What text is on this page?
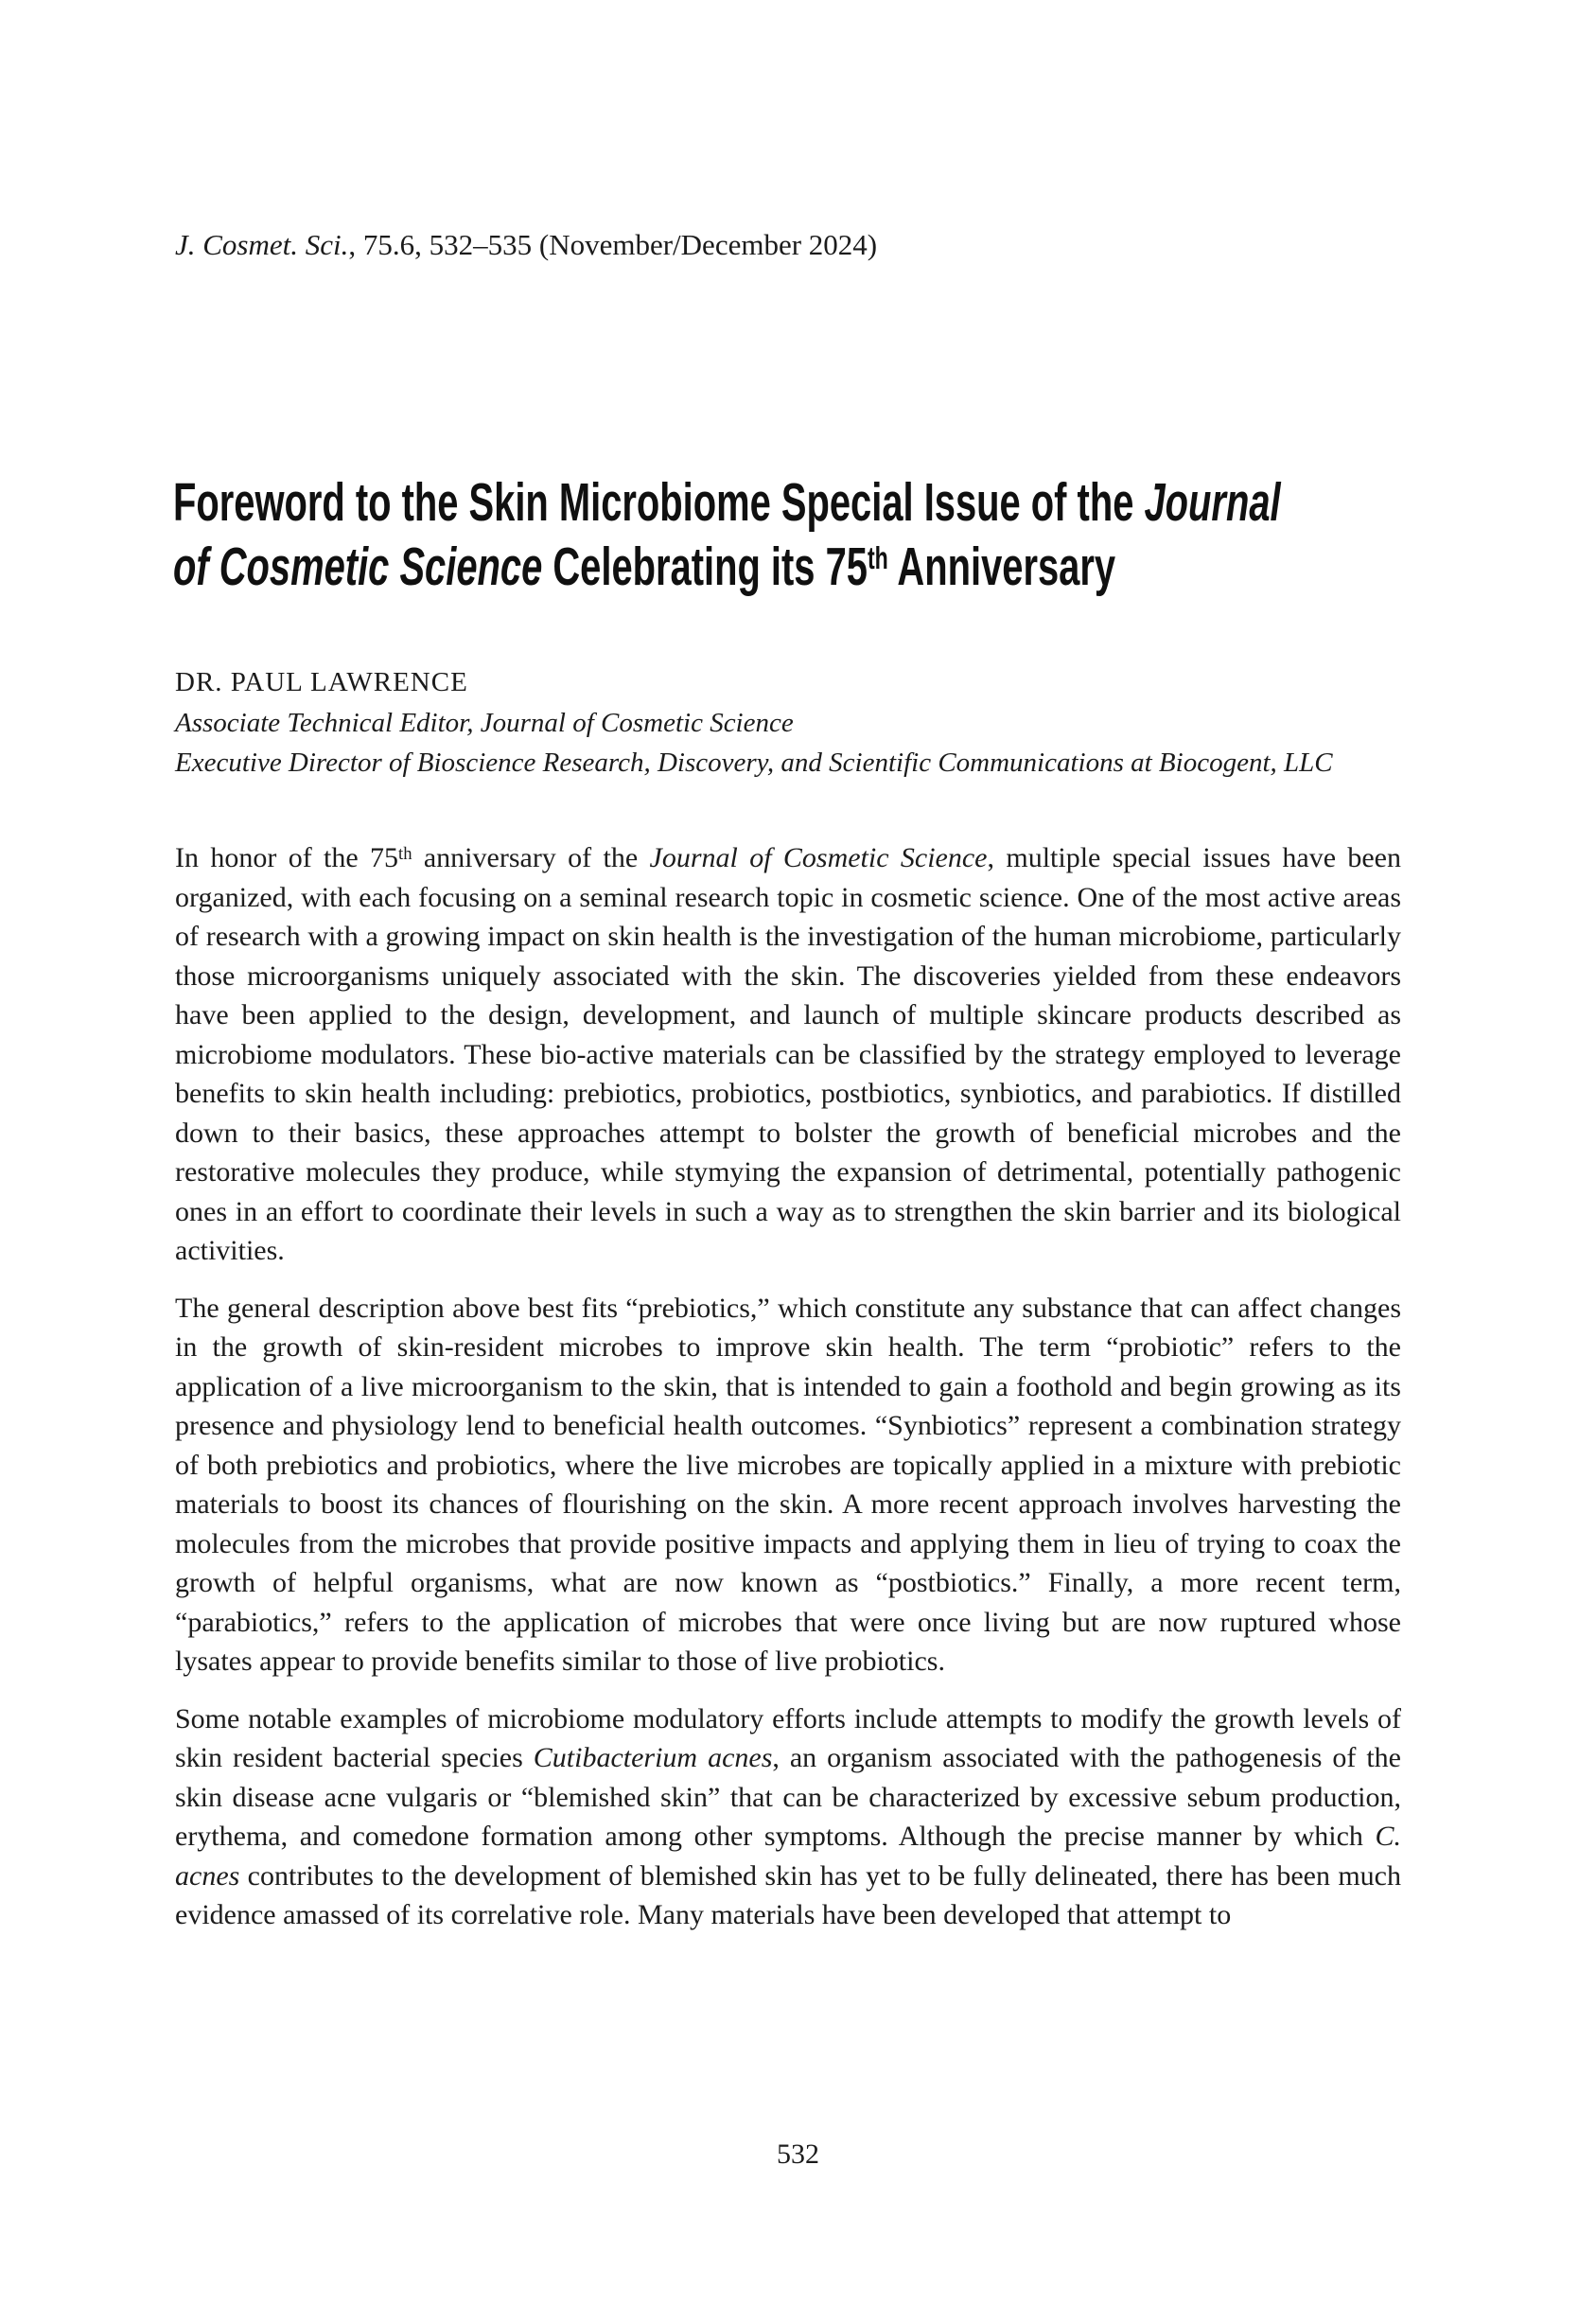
J. Cosmet. Sci., 75.6, 532–535 (November/December 2024)
Foreword to the Skin Microbiome Special Issue of the Journal
of Cosmetic Science Celebrating its 75th Anniversary
DR. PAUL LAWRENCE
Associate Technical Editor, Journal of Cosmetic Science
Executive Director of Bioscience Research, Discovery, and Scientific Communications at Biocogent, LLC

In honor of the 75th anniversary of the Journal of Cosmetic Science, multiple special issues have been organized, with each focusing on a seminal research topic in cosmetic science. One of the most active areas of research with a growing impact on skin health is the investigation of the human microbiome, particularly those microorganisms uniquely associated with the skin. The discoveries yielded from these endeavors have been applied to the design, development, and launch of multiple skincare products described as microbiome modulators. These bio-active materials can be classified by the strategy employed to leverage benefits to skin health including: prebiotics, probiotics, postbiotics, synbiotics, and parabiotics. If distilled down to their basics, these approaches attempt to bolster the growth of beneficial microbes and the restorative molecules they produce, while stymying the expansion of detrimental, potentially pathogenic ones in an effort to coordinate their levels in such a way as to strengthen the skin barrier and its biological activities.

The general description above best fits “prebiotics,” which constitute any substance that can affect changes in the growth of skin-resident microbes to improve skin health. The term “probiotic” refers to the application of a live microorganism to the skin, that is intended to gain a foothold and begin growing as its presence and physiology lend to beneficial health outcomes. “Synbiotics” represent a combination strategy of both prebiotics and probiotics, where the live microbes are topically applied in a mixture with prebiotic materials to boost its chances of flourishing on the skin. A more recent approach involves harvesting the molecules from the microbes that provide positive impacts and applying them in lieu of trying to coax the growth of helpful organisms, what are now known as “postbiotics.” Finally, a more recent term, “parabiotics,” refers to the application of microbes that were once living but are now ruptured whose lysates appear to provide benefits similar to those of live probiotics.

Some notable examples of microbiome modulatory efforts include attempts to modify the growth levels of skin resident bacterial species Cutibacterium acnes, an organism associated with the pathogenesis of the skin disease acne vulgaris or “blemished skin” that can be characterized by excessive sebum production, erythema, and comedone formation among other symptoms. Although the precise manner by which C. acnes contributes to the development of blemished skin has yet to be fully delineated, there has been much evidence amassed of its correlative role. Many materials have been developed that attempt to

532
